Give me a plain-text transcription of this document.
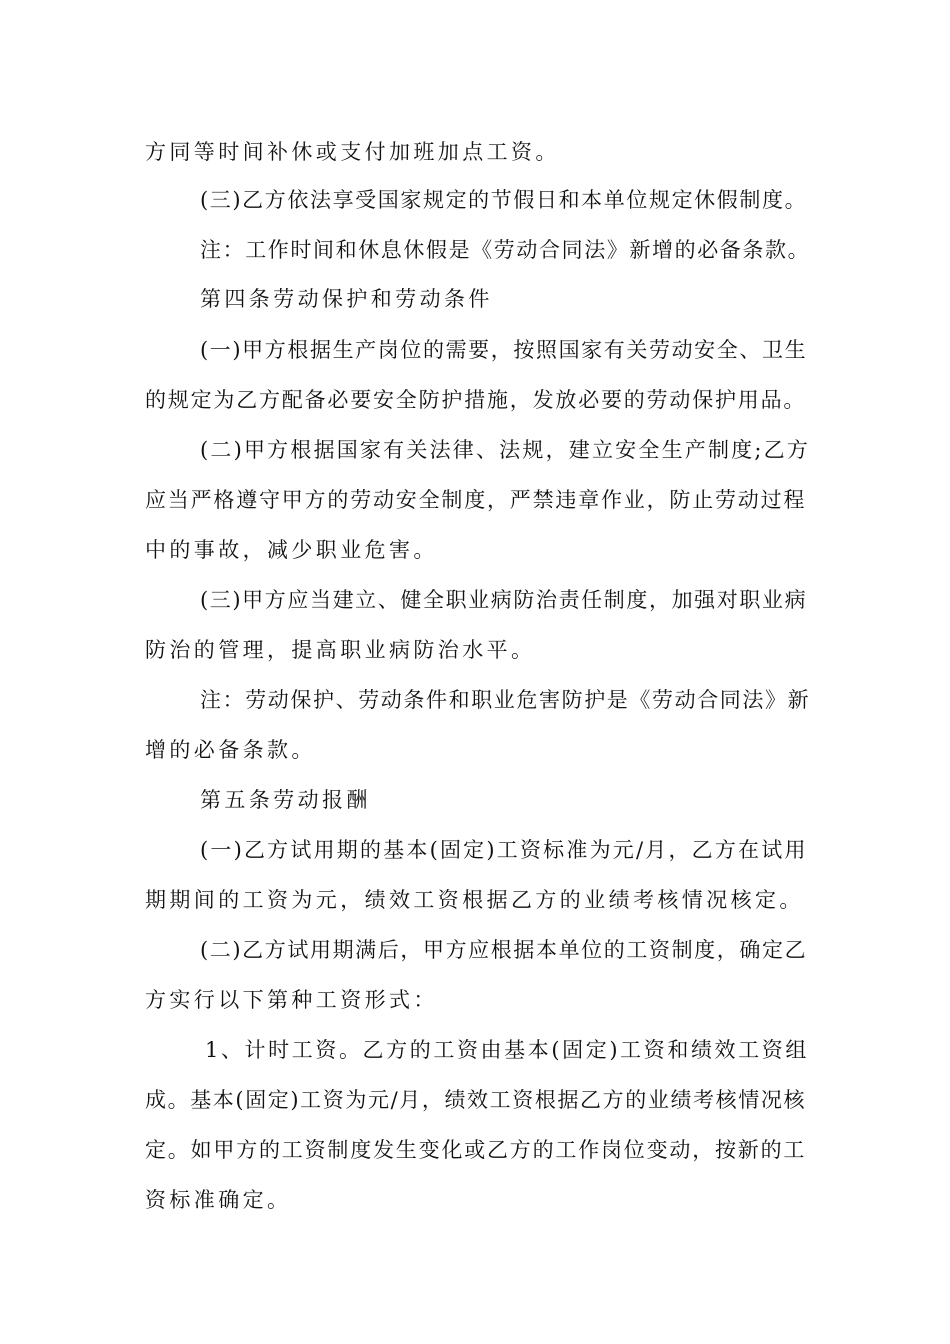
方同等时间补休或支付加班加点工资。
(三)乙方依法享受国家规定的节假日和本单位规定休假制度。
注：工作时间和休息休假是《劳动合同法》新增的必备条款。
第四条劳动保护和劳动条件
(一)甲方根据生产岗位的需要，按照国家有关劳动安全、卫生
的规定为乙方配备必要安全防护措施，发放必要的劳动保护用品。
(二)甲方根据国家有关法律、法规，建立安全生产制度;乙方
应当严格遵守甲方的劳动安全制度，严禁违章作业，防止劳动过程
中的事故，减少职业危害。
(三)甲方应当建立、健全职业病防治责任制度，加强对职业病
防治的管理，提高职业病防治水平。
注：劳动保护、劳动条件和职业危害防护是《劳动合同法》新
增的必备条款。
第五条劳动报酬
(一)乙方试用期的基本(固定)工资标准为元/月，乙方在试用
期期间的工资为元，绩效工资根据乙方的业绩考核情况核定。
(二)乙方试用期满后，甲方应根据本单位的工资制度，确定乙
方实行以下第种工资形式：
1、计时工资。乙方的工资由基本(固定)工资和绩效工资组
成。基本(固定)工资为元/月，绩效工资根据乙方的业绩考核情况核
定。如甲方的工资制度发生变化或乙方的工作岗位变动，按新的工
资标准确定。
